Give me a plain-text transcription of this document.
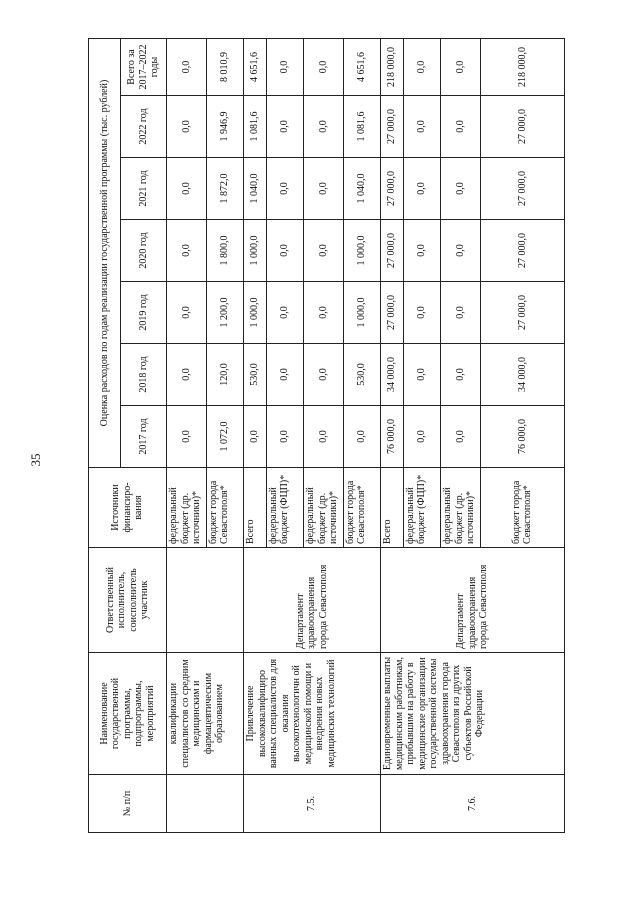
35
№ п/п	Наименование государственной программы, подпрограммы, мероприятий	Ответственный исполнитель, соисполнитель участник	Источники финансиро-вания	Оценка расходов по годам реализации государственной программы (тыс. рублей)						
				2017 год	2018 год	2019 год	2020 год	2021 год	2022 год	Всего за 2017–2022 годы
	квалификации специалистов со средним медицинским и фармацевтическим образованием		федеральный бюджет (др. источники)*	0,0	0,0	0,0	0,0	0,0	0,0	0,0
			бюджет города Севастополя*	1 072,0	120,0	1 200,0	1 800,0	1 872,0	1 946,9	8 010,9
7.5.	Привлечение высококвалифициро ванных специалистов для оказания высокотехнологичн ой медицинской помощи и внедрения новых медицинских технологий	Департамент здравоохранения города Севастополя	Всего	0,0	530,0	1 000,0	1 000,0	1 040,0	1 081,6	4 651,6
			федеральный бюджет (ФЦП)*	0,0	0,0	0,0	0,0	0,0	0,0	0,0
			федеральный бюджет (др. источники)*	0,0	0,0	0,0	0,0	0,0	0,0	0,0
			бюджет города Севастополя*	0,0	530,0	1 000,0	1 000,0	1 040,0	1 081,6	4 651,6
7.6.	Единовременные выплаты медицинским работникам, прибывшим на работу в медицинские организации государственной системы здравоохранения города Севастополя из других субъектов Российской Федерации	Департамент здравоохранения города Севастополя	Всего	76 000,0	34 000,0	27 000,0	27 000,0	27 000,0	27 000,0	218 000,0
			федеральный бюджет (ФЦП)*	0,0	0,0	0,0	0,0	0,0	0,0	0,0
			федеральный бюджет (др. источники)*	0,0	0,0	0,0	0,0	0,0	0,0	0,0
			бюджет города Севастополя*	76 000,0	34 000,0	27 000,0	27 000,0	27 000,0	27 000,0	218 000,0
